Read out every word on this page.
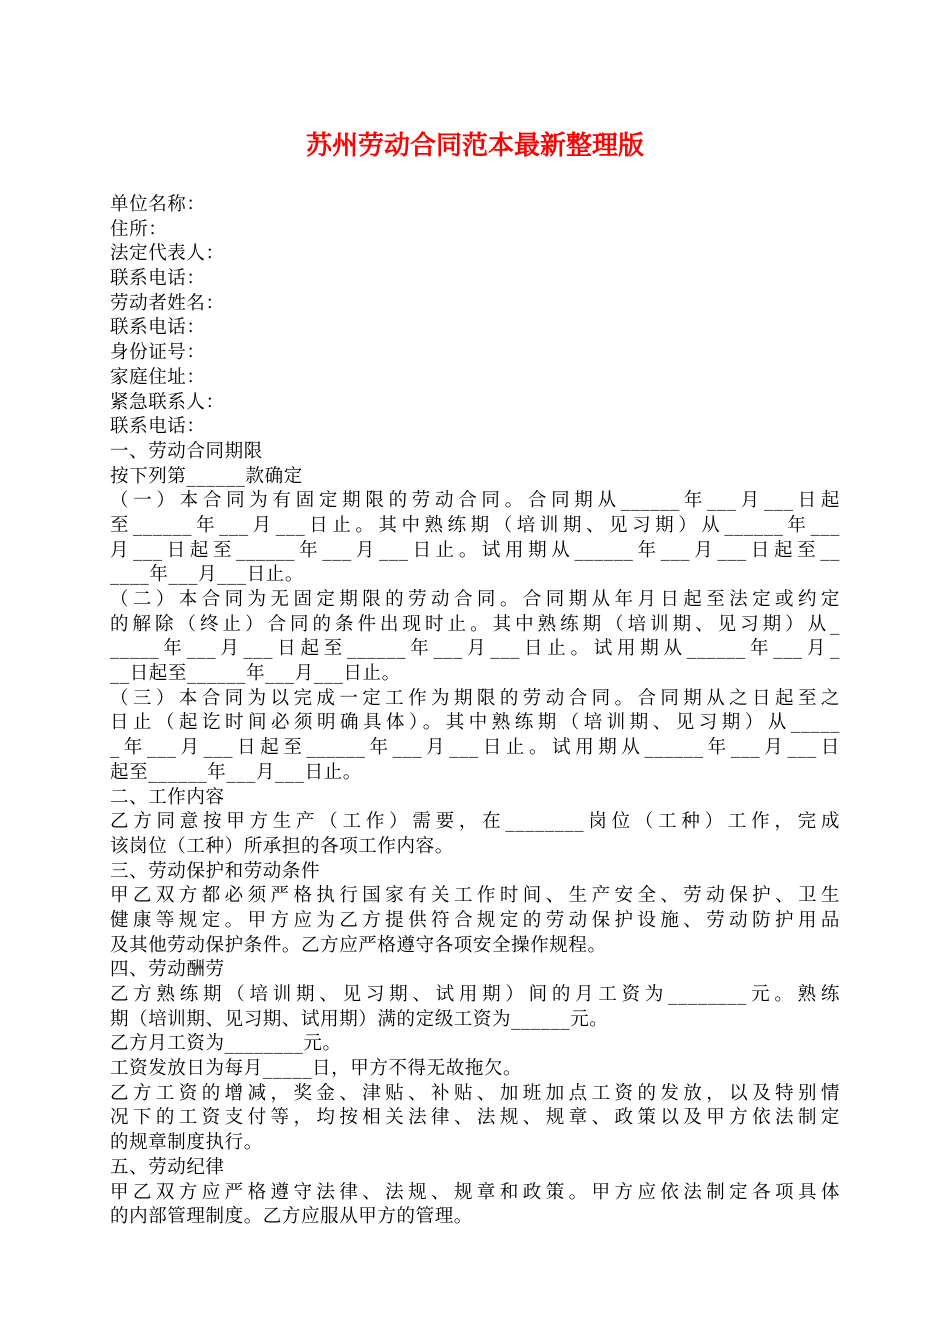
苏州劳动合同范本最新整理版
单位名称：
住所：
法定代表人：
联系电话：
劳动者姓名：
联系电话：
身份证号：
家庭住址：
紧急联系人：
联系电话：
一、劳动合同期限
按下列第______款确定
（一）本合同为有固定期限的劳动合同。合同期从______年___月___日起
至______年___月___日止。其中熟练期（培训期、见习期）从______年___
月___日起至______年___月___日止。试用期从______年___月___日起至__
____年___月___日止。
（二）本合同为无固定期限的劳动合同。合同期从年月日起至法定或约定
的解除（终止）合同的条件出现时止。其中熟练期（培训期、见习期）从_
_____年___月___日起至______年___月___日止。试用期从______年___月_
__日起至______年___月___日止。
（三）本合同为以完成一定工作为期限的劳动合同。合同期从之日起至之
日止（起讫时间必须明确具体）。其中熟练期（培训期、见习期）从_____
_年___月___日起至______年___月___日止。试用期从______年___月___日
起至______年___月___日止。
二、工作内容
乙方同意按甲方生产（工作）需要，在________岗位（工种）工作，完成
该岗位（工种）所承担的各项工作内容。
三、劳动保护和劳动条件
甲乙双方都必须严格执行国家有关工作时间、生产安全、劳动保护、卫生
健康等规定。甲方应为乙方提供符合规定的劳动保护设施、劳动防护用品
及其他劳动保护条件。乙方应严格遵守各项安全操作规程。
四、劳动酬劳
乙方熟练期（培训期、见习期、试用期）间的月工资为________元。熟练
期（培训期、见习期、试用期）满的定级工资为______元。
乙方月工资为________元。
工资发放日为每月_____日，甲方不得无故拖欠。
乙方工资的增减，奖金、津贴、补贴、加班加点工资的发放，以及特别情
况下的工资支付等，均按相关法律、法规、规章、政策以及甲方依法制定
的规章制度执行。
五、劳动纪律
甲乙双方应严格遵守法律、法规、规章和政策。甲方应依法制定各项具体
的内部管理制度。乙方应服从甲方的管理。
